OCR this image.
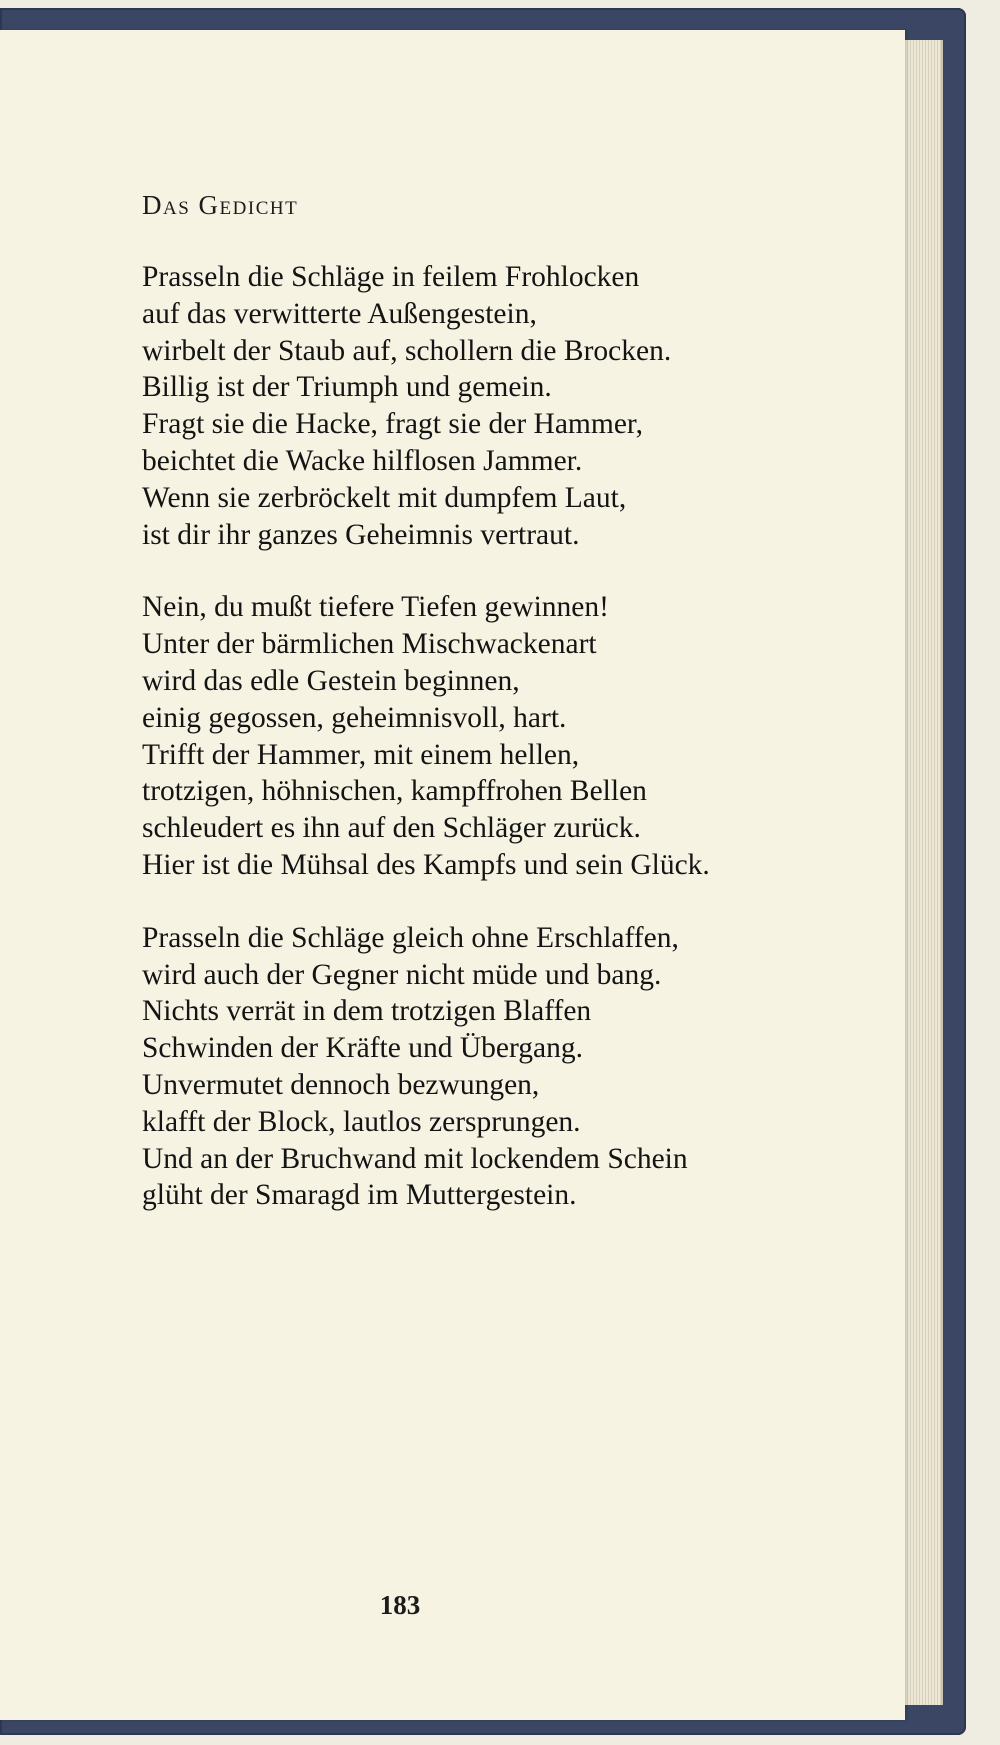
Das Gedicht
Prasseln die Schläge in feilem Frohlocken
auf das verwitterte Außengestein,
wirbelt der Staub auf, schollern die Brocken.
Billig ist der Triumph und gemein.
Fragt sie die Hacke, fragt sie der Hammer,
beichtet die Wacke hilflosen Jammer.
Wenn sie zerbröckelt mit dumpfem Laut,
ist dir ihr ganzes Geheimnis vertraut.
Nein, du mußt tiefere Tiefen gewinnen!
Unter der bärmlichen Mischwackenart
wird das edle Gestein beginnen,
einig gegossen, geheimnisvoll, hart.
Trifft der Hammer, mit einem hellen,
trotzigen, höhnischen, kampffrohen Bellen
schleudert es ihn auf den Schläger zurück.
Hier ist die Mühsal des Kampfs und sein Glück.
Prasseln die Schläge gleich ohne Erschlaffen,
wird auch der Gegner nicht müde und bang.
Nichts verrät in dem trotzigen Blaffen
Schwinden der Kräfte und Übergang.
Unvermutet dennoch bezwungen,
klafft der Block, lautlos zersprungen.
Und an der Bruchwand mit lockendem Schein
glüht der Smaragd im Muttergestein.
183
